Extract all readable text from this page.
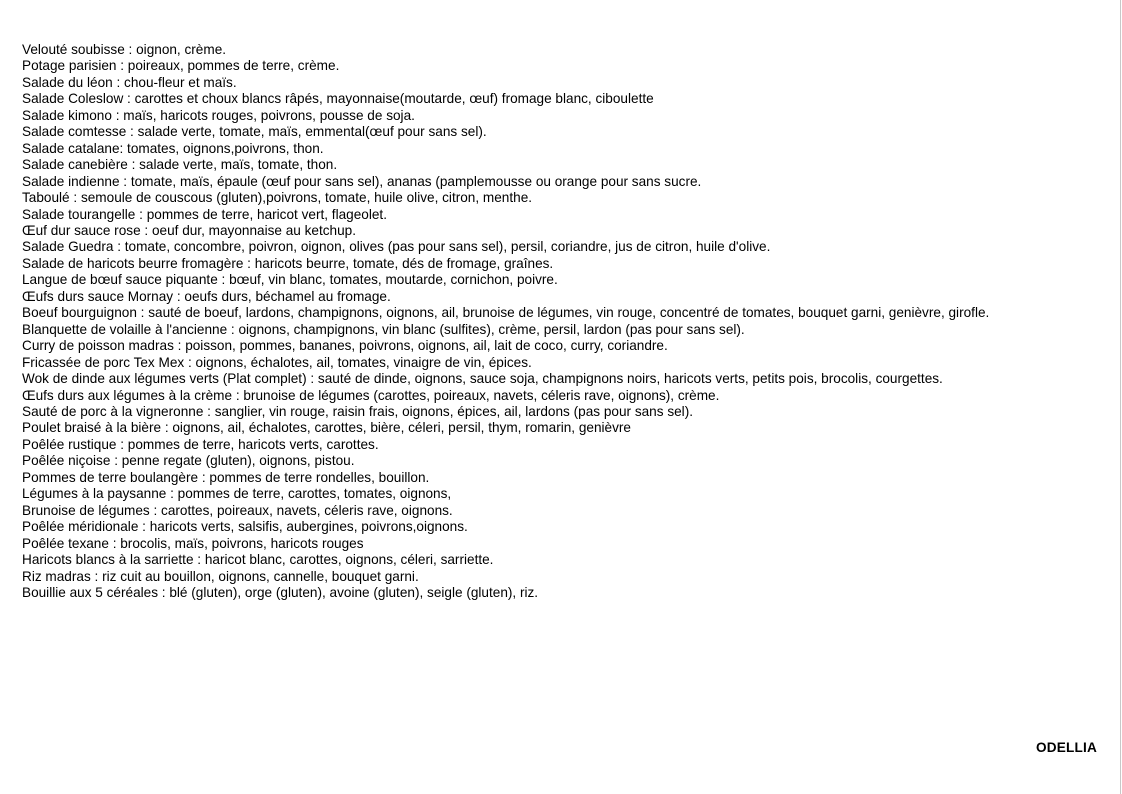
Velouté soubisse : oignon, crème.
Potage parisien : poireaux, pommes de terre, crème.
Salade du léon : chou-fleur et maïs.
Salade Coleslow : carottes et choux blancs râpés, mayonnaise(moutarde, œuf) fromage blanc, ciboulette
Salade kimono : maïs, haricots rouges, poivrons, pousse de soja.
Salade comtesse : salade verte, tomate, maïs, emmental(œuf pour sans sel).
Salade catalane: tomates, oignons,poivrons, thon.
Salade canebière : salade verte, maïs, tomate, thon.
Salade indienne : tomate, maïs, épaule (œuf pour sans sel), ananas (pamplemousse ou orange pour sans sucre.
Taboulé : semoule de couscous (gluten),poivrons, tomate, huile olive, citron, menthe.
Salade tourangelle : pommes de terre, haricot vert, flageolet.
Œuf dur sauce rose : oeuf dur, mayonnaise au ketchup.
Salade Guedra : tomate, concombre, poivron, oignon, olives (pas pour sans sel), persil, coriandre, jus de citron, huile d'olive.
Salade de haricots beurre fromagère : haricots beurre, tomate, dés de fromage, graînes.
Langue de bœuf sauce piquante : bœuf, vin blanc, tomates, moutarde, cornichon, poivre.
Œufs durs sauce Mornay : oeufs durs, béchamel au fromage.
Boeuf bourguignon : sauté de boeuf, lardons, champignons, oignons, ail, brunoise de légumes, vin rouge, concentré de tomates, bouquet garni, genièvre, girofle.
Blanquette de volaille à l'ancienne : oignons, champignons, vin blanc (sulfites), crème, persil, lardon (pas pour sans sel).
Curry de poisson madras : poisson, pommes, bananes, poivrons, oignons, ail, lait de coco, curry, coriandre.
Fricassée de porc Tex Mex : oignons, échalotes, ail, tomates, vinaigre de vin, épices.
Wok de dinde aux légumes verts (Plat complet) : sauté de dinde, oignons, sauce soja, champignons noirs, haricots verts, petits pois, brocolis, courgettes.
Œufs durs aux légumes à la crème : brunoise de légumes (carottes, poireaux, navets, céleris rave, oignons), crème.
Sauté de porc à la vigneronne : sanglier, vin rouge, raisin frais, oignons, épices, ail, lardons (pas pour sans sel).
Poulet braisé à la bière : oignons, ail, échalotes, carottes, bière, céleri, persil, thym, romarin, genièvre
Poêlée rustique : pommes de terre, haricots verts, carottes.
Poêlée niçoise : penne regate (gluten), oignons, pistou.
Pommes de terre boulangère : pommes de terre rondelles, bouillon.
Légumes à la paysanne : pommes de terre, carottes, tomates, oignons,
Brunoise de légumes : carottes, poireaux, navets, céleris rave, oignons.
Poêlée méridionale : haricots verts, salsifis, aubergines, poivrons,oignons.
Poêlée texane : brocolis, maïs, poivrons, haricots rouges
Haricots blancs à la sarriette : haricot blanc, carottes, oignons, céleri, sarriette.
Riz madras : riz cuit au bouillon, oignons, cannelle, bouquet garni.
Bouillie aux 5 céréales : blé (gluten), orge (gluten), avoine (gluten), seigle (gluten), riz.
ODELLIA
